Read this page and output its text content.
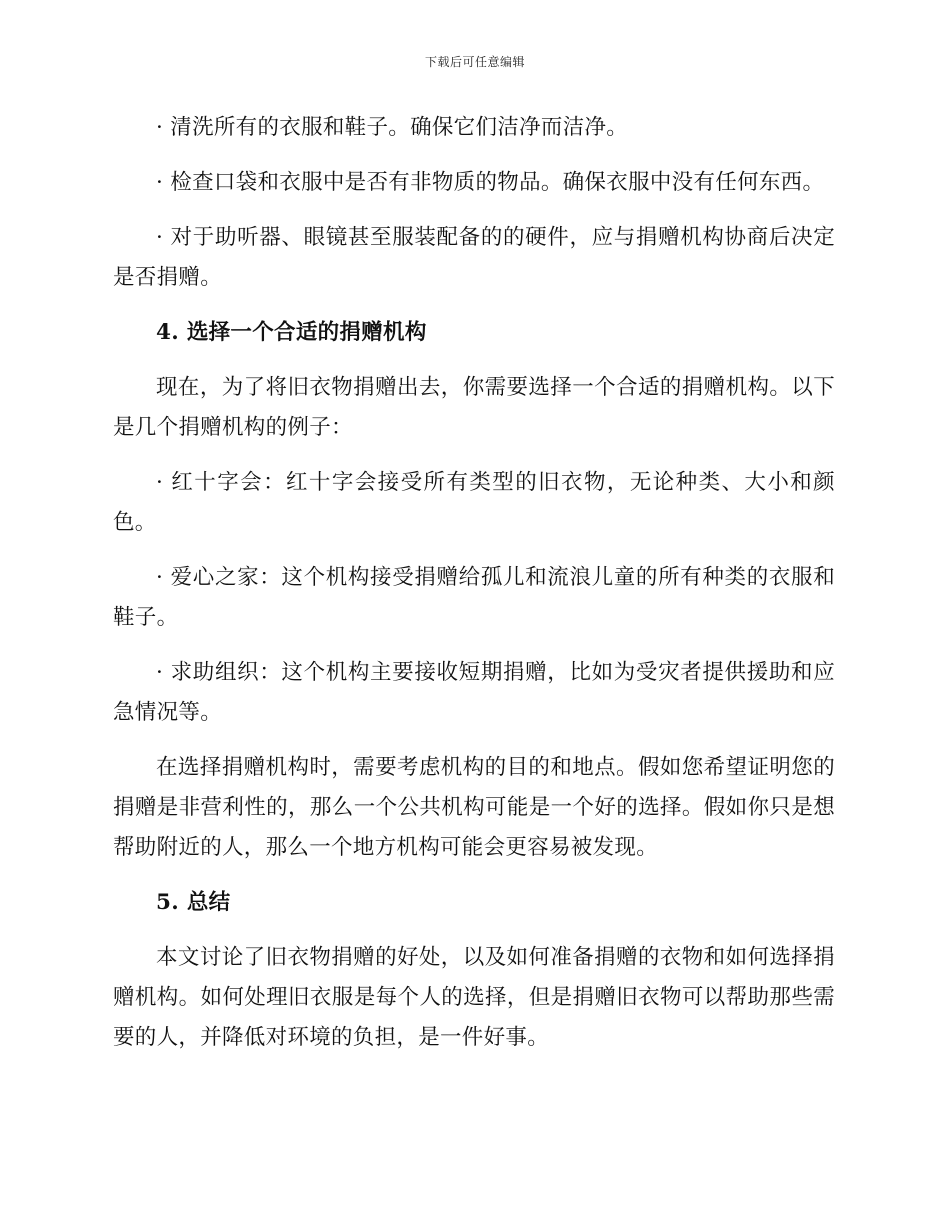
下载后可任意编辑

· 清洗所有的衣服和鞋子。确保它们洁净而洁净。

· 检查口袋和衣服中是否有非物质的物品。确保衣服中没有任何东西。

· 对于助听器、眼镜甚至服装配备的的硬件，应与捐赠机构协商后决定是否捐赠。

4. 选择一个合适的捐赠机构

现在，为了将旧衣物捐赠出去，你需要选择一个合适的捐赠机构。以下是几个捐赠机构的例子：

· 红十字会：红十字会接受所有类型的旧衣物，无论种类、大小和颜色。

· 爱心之家：这个机构接受捐赠给孤儿和流浪儿童的所有种类的衣服和鞋子。

· 求助组织：这个机构主要接收短期捐赠，比如为受灾者提供援助和应急情况等。

在选择捐赠机构时，需要考虑机构的目的和地点。假如您希望证明您的捐赠是非营利性的，那么一个公共机构可能是一个好的选择。假如你只是想帮助附近的人，那么一个地方机构可能会更容易被发现。

5. 总结

本文讨论了旧衣物捐赠的好处，以及如何准备捐赠的衣物和如何选择捐赠机构。如何处理旧衣服是每个人的选择，但是捐赠旧衣物可以帮助那些需要的人，并降低对环境的负担，是一件好事。
